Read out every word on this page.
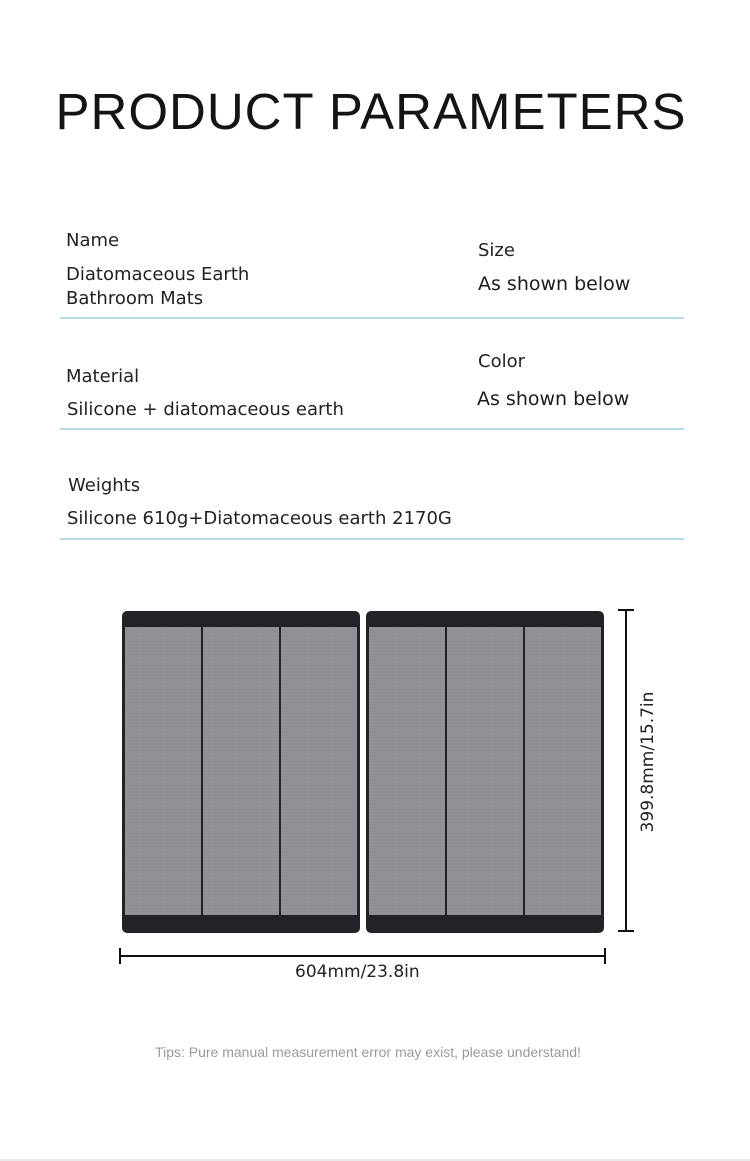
PRODUCT PARAMETERS
Name
Diatomaceous Earth
Bathroom Mats
Size
As shown below
Color
Material
As shown below
Silicone + diatomaceous earth
Weights
Silicone 610g+Diatomaceous earth 2170G
604mm/23.8in
399.8mm/15.7in
Tips: Pure manual measurement error may exist, please understand!
